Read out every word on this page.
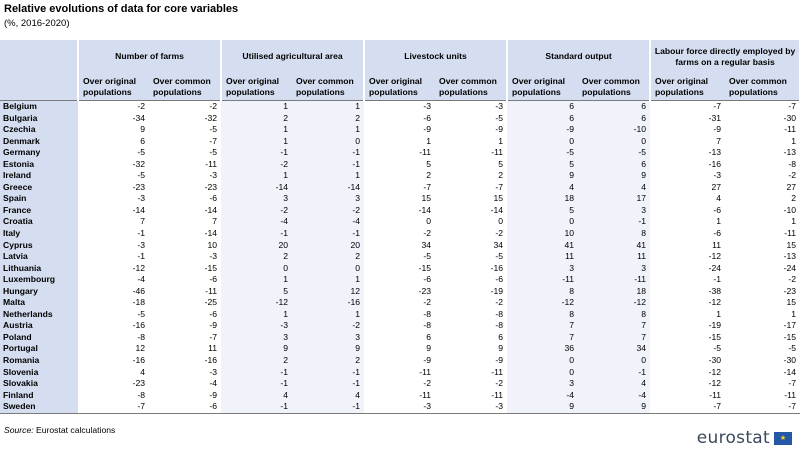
Relative evolutions of data for core variables
(%, 2016-2020)
	Number of farms		Utilised agricultural area		Livestock units		Standard output		Labour force directly employed by farms on a regular basis	
	Over original populations	Over common populations	Over original populations	Over common populations	Over original populations	Over common populations	Over original populations	Over common populations	Over original populations	Over common populations
Belgium	-2	-2	1	1	-3	-3	6	6	-7	-7
Bulgaria	-34	-32	2	2	-6	-5	6	6	-31	-30
Czechia	9	-5	1	1	-9	-9	-9	-10	-9	-11
Denmark	6	-7	1	0	1	1	0	0	7	1
Germany	-5	-5	-1	-1	-11	-11	-5	-5	-13	-13
Estonia	-32	-11	-2	-1	5	5	5	6	-16	-8
Ireland	-5	-3	1	1	2	2	9	9	-3	-2
Greece	-23	-23	-14	-14	-7	-7	4	4	27	27
Spain	-3	-6	3	3	15	15	18	17	4	2
France	-14	-14	-2	-2	-14	-14	5	3	-6	-10
Croatia	7	7	-4	-4	0	0	0	-1	1	1
Italy	-1	-14	-1	-1	-2	-2	10	8	-6	-11
Cyprus	-3	10	20	20	34	34	41	41	11	15
Latvia	-1	-3	2	2	-5	-5	11	11	-12	-13
Lithuania	-12	-15	0	0	-15	-16	3	3	-24	-24
Luxembourg	-4	-6	1	1	-6	-6	-11	-11	-1	-2
Hungary	-46	-11	5	12	-23	-19	8	18	-38	-23
Malta	-18	-25	-12	-16	-2	-2	-12	-12	-12	15
Netherlands	-5	-6	1	1	-8	-8	8	8	1	1
Austria	-16	-9	-3	-2	-8	-8	7	7	-19	-17
Poland	-8	-7	3	3	6	6	7	7	-15	-15
Portugal	12	11	9	9	9	9	36	34	-5	-5
Romania	-16	-16	2	2	-9	-9	0	0	-30	-30
Slovenia	4	-3	-1	-1	-11	-11	0	-1	-12	-14
Slovakia	-23	-4	-1	-1	-2	-2	3	4	-12	-7
Finland	-8	-9	4	4	-11	-11	-4	-4	-11	-11
Sweden	-7	-6	-1	-1	-3	-3	9	9	-7	-7
Source: Eurostat calculations	eurostat ★
